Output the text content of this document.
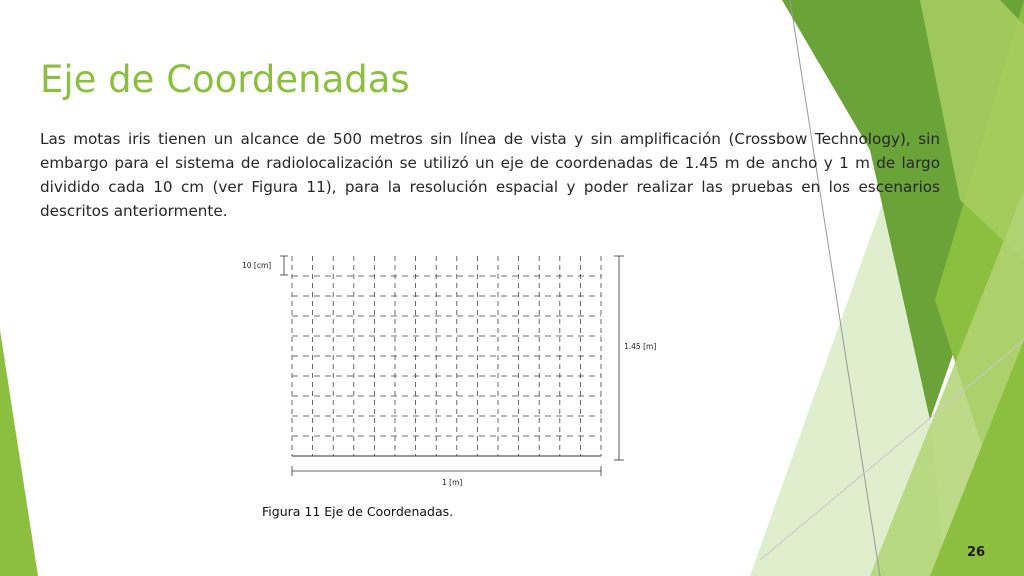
Eje de Coordenadas

Las motas iris tienen un alcance de 500 metros sin línea de vista y sin amplificación (Crossbow Technology), sin embargo para el sistema de radiolocalización se utilizó un eje de coordenadas de 1.45 m de ancho y 1 m de largo dividido cada 10 cm (ver Figura 11), para la resolución espacial y poder realizar las pruebas en los escenarios descritos anteriormente.

10 [cm]
1.45 [m]
1 [m]

Figura 11 Eje de Coordenadas.

26
